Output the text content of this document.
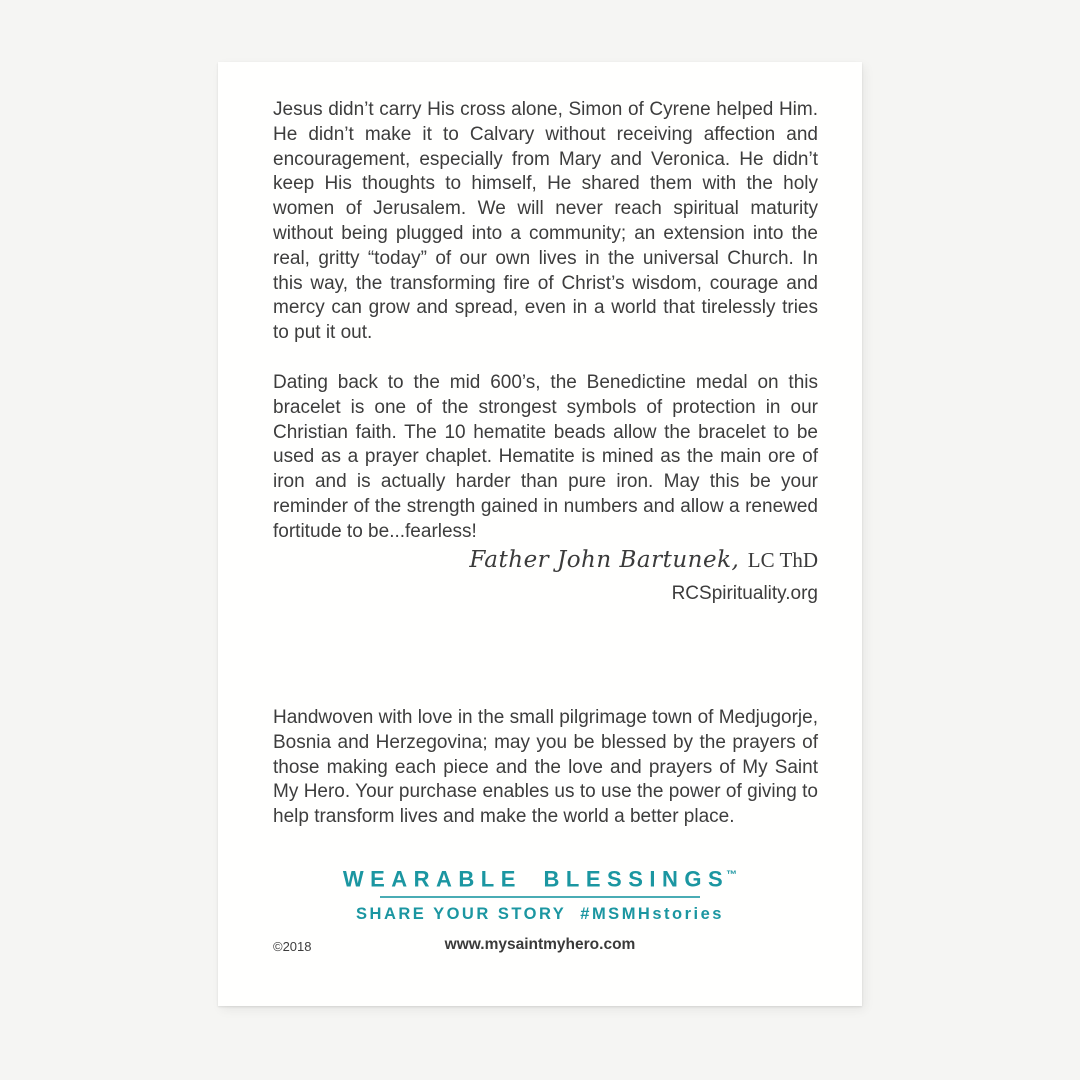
Jesus didn’t carry His cross alone, Simon of Cyrene helped Him. He didn’t make it to Calvary without receiving affection and encouragement, especially from Mary and Veronica. He didn’t keep His thoughts to himself, He shared them with the holy women of Jerusalem. We will never reach spiritual maturity without being plugged into a community; an extension into the real, gritty “today” of our own lives in the universal Church. In this way, the transforming fire of Christ’s wisdom, courage and mercy can grow and spread, even in a world that tirelessly tries to put it out.

Dating back to the mid 600’s, the Benedictine medal on this bracelet is one of the strongest symbols of protection in our Christian faith. The 10 hematite beads allow the bracelet to be used as a prayer chaplet. Hematite is mined as the main ore of iron and is actually harder than pure iron. May this be your reminder of the strength gained in numbers and allow a renewed fortitude to be...fearless!

Father John Bartunek, LC ThD
RCSpirituality.org

Handwoven with love in the small pilgrimage town of Medjugorje, Bosnia and Herzegovina; may you be blessed by the prayers of those making each piece and the love and prayers of My Saint My Hero. Your purchase enables us to use the power of giving to help transform lives and make the world a better place.

WEARABLE BLESSINGS™
SHARE YOUR STORY #MSMHstories
©2018	www.mysaintmyhero.com
